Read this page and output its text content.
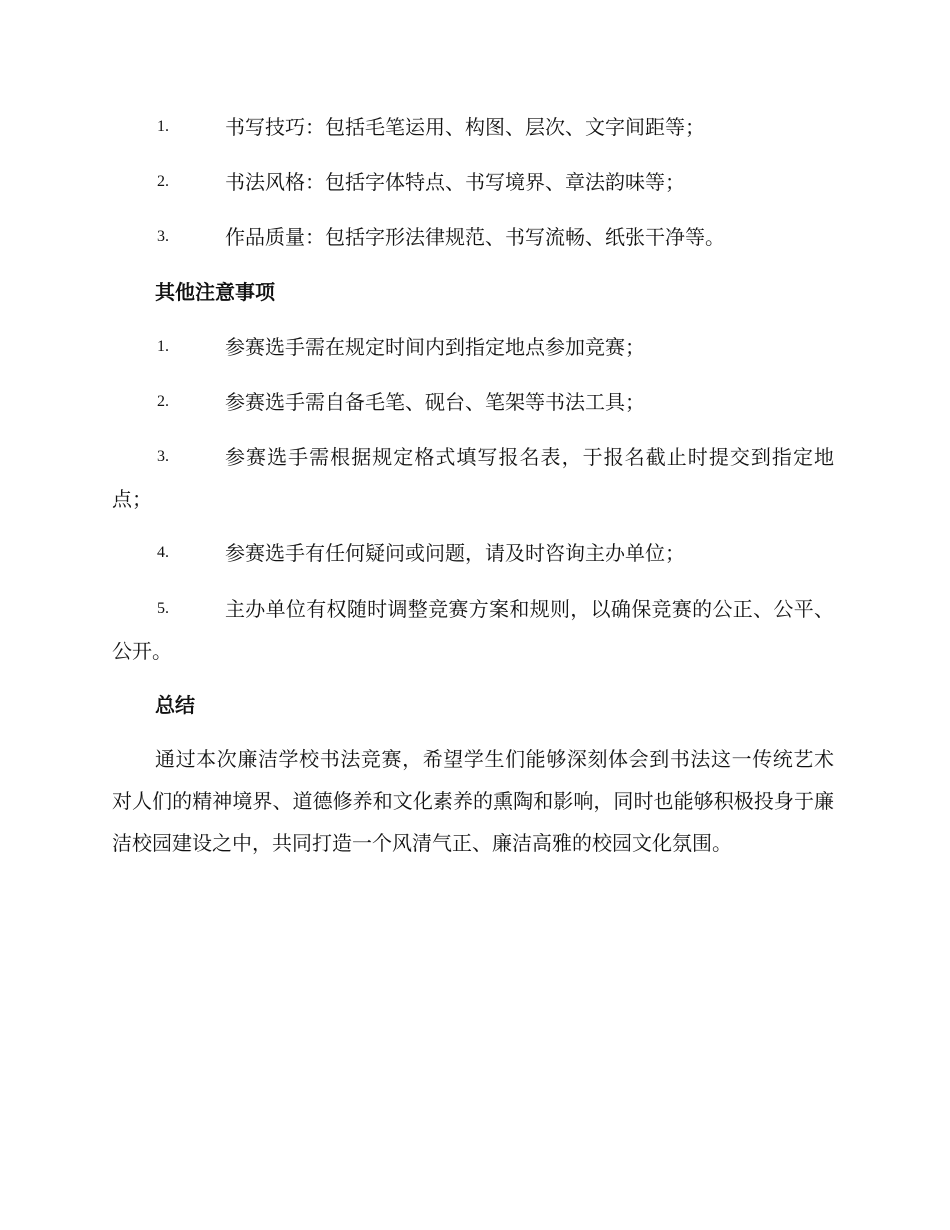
1.	书写技巧：包括毛笔运用、构图、层次、文字间距等；
2.	书法风格：包括字体特点、书写境界、章法韵味等；
3.	作品质量：包括字形法律规范、书写流畅、纸张干净等。
其他注意事项
1.	参赛选手需在规定时间内到指定地点参加竞赛；
2.	参赛选手需自备毛笔、砚台、笔架等书法工具；
3.	参赛选手需根据规定格式填写报名表，于报名截止时提交到指定地点；
4.	参赛选手有任何疑问或问题，请及时咨询主办单位；
5.	主办单位有权随时调整竞赛方案和规则，以确保竞赛的公正、公平、公开。
总结
通过本次廉洁学校书法竞赛，希望学生们能够深刻体会到书法这一传统艺术对人们的精神境界、道德修养和文化素养的熏陶和影响，同时也能够积极投身于廉洁校园建设之中，共同打造一个风清气正、廉洁高雅的校园文化氛围。
